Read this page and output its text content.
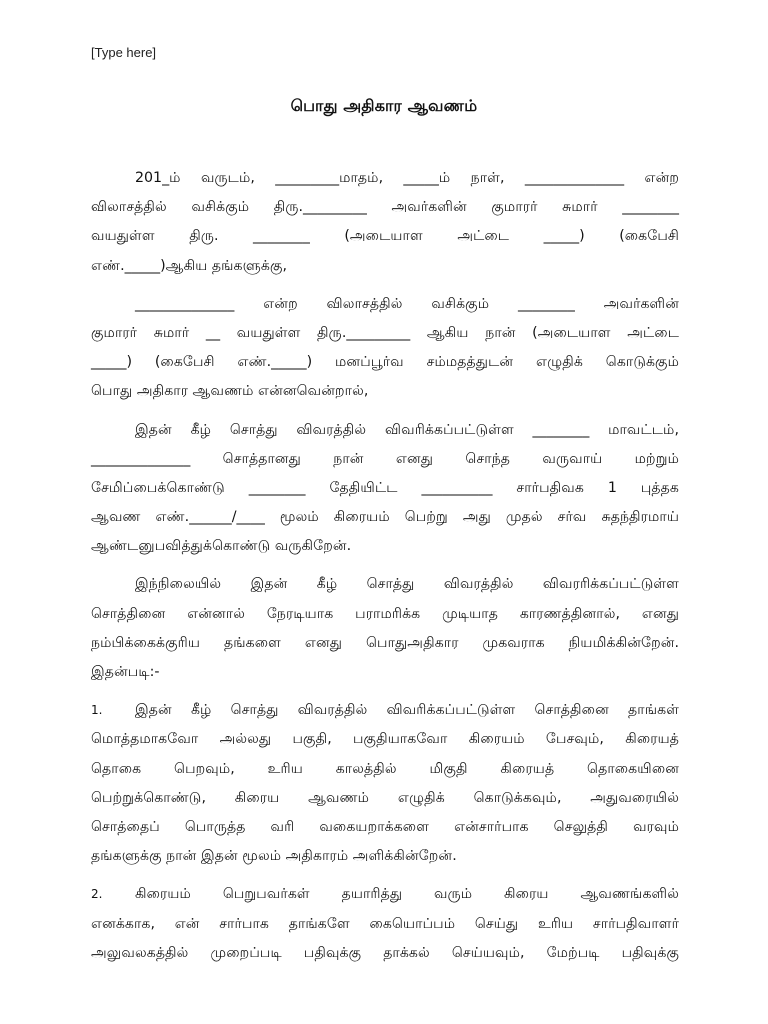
[Type here]
பொது அதிகார ஆவணம்
201_ம் வருடம், _________மாதம், _____ம் நாள், ______________ என்ற
விலாசத்தில் வசிக்கும் திரு._________ அவர்களின் குமாரர் சுமார் ________
வயதுள்ள திரு. ________ (அடையாள அட்டை _____) (கைபேசி
எண்._____)ஆகிய தங்களுக்கு,
______________ என்ற விலாசத்தில் வசிக்கும் ________ அவர்களின்
குமாரர் சுமார் __ வயதுள்ள திரு._________ ஆகிய நான் (அடையாள அட்டை
_____) (கைபேசி எண்._____) மனப்பூர்வ சம்மதத்துடன் எழுதிக் கொடுக்கும்
பொது அதிகார ஆவணம் என்னவென்றால்,
இதன் கீழ் சொத்து விவரத்தில் விவரிக்கப்பட்டுள்ள ________ மாவட்டம்,
______________ சொத்தானது நான் எனது சொந்த வருவாய் மற்றும்
சேமிப்பைக்கொண்டு ________ தேதியிட்ட __________ சார்பதிவக 1 புத்தக
ஆவண எண்.______/____ மூலம் கிரையம் பெற்று அது முதல் சர்வ சுதந்திரமாய்
ஆண்டனுபவித்துக்கொண்டு வருகிறேன்.
இந்நிலையில் இதன் கீழ் சொத்து விவரத்தில் விவரரிக்கப்பட்டுள்ள
சொத்தினை என்னால் நேரடியாக பராமரிக்க முடியாத காரணத்தினால், எனது
நம்பிக்கைக்குரிய தங்களை எனது பொதுஅதிகார முகவராக நியமிக்கின்றேன்.
இதன்படி:-
1.	இதன் கீழ் சொத்து விவரத்தில் விவரிக்கப்பட்டுள்ள சொத்தினை தாங்கள்
மொத்தமாகவோ அல்லது பகுதி, பகுதியாகவோ கிரையம் பேசவும், கிரையத்
தொகை பெறவும், உரிய காலத்தில் மிகுதி கிரையத் தொகையினை
பெற்றுக்கொண்டு, கிரைய ஆவணம் எழுதிக் கொடுக்கவும், அதுவரையில்
சொத்தைப் பொருத்த வரி வகையறாக்களை என்சார்பாக செலுத்தி வரவும்
தங்களுக்கு நான் இதன் மூலம் அதிகாரம் அளிக்கின்றேன்.
2.	கிரையம் பெறுபவர்கள் தயாரித்து வரும் கிரைய ஆவணங்களில்
எனக்காக, என் சார்பாக தாங்களே கையொப்பம் செய்து உரிய சார்பதிவாளர்
அலுவலகத்தில் முறைப்படி பதிவுக்கு தாக்கல் செய்யவும், மேற்படி பதிவுக்கு
